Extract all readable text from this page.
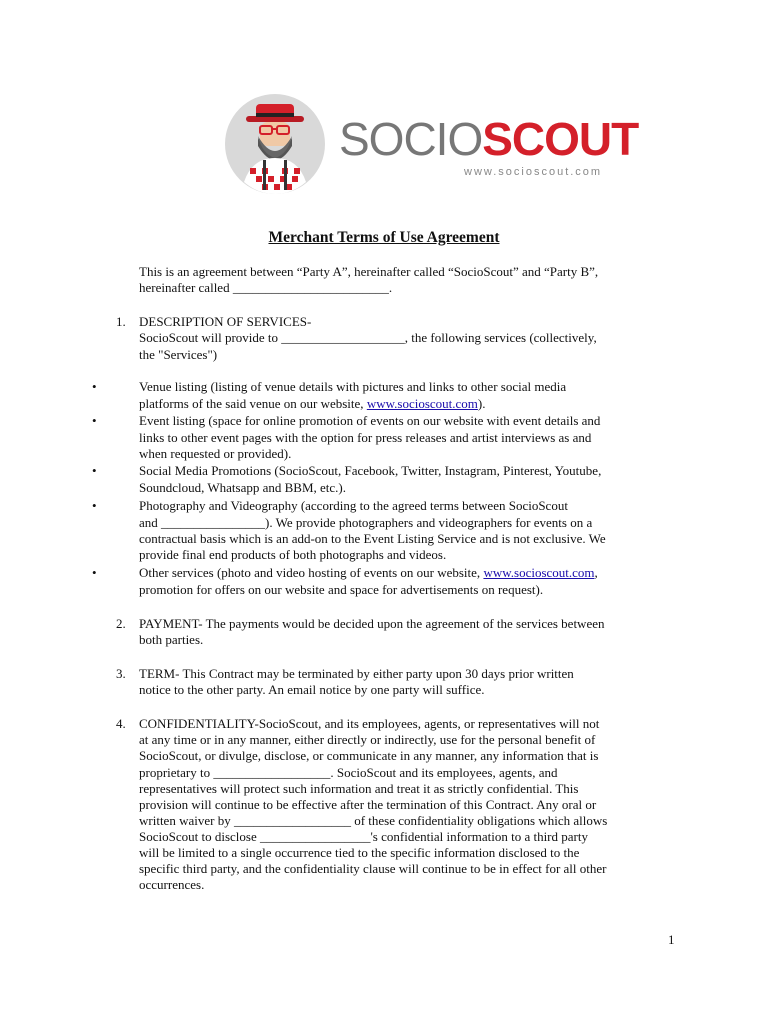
SOCIOSCOUT
www.socioscout.com
Merchant Terms of Use Agreement

This is an agreement between “Party A”, hereinafter called “SocioScout” and “Party B”,

hereinafter called ________________________.

1. DESCRIPTION OF SERVICES-

SocioScout will provide to ___________________, the following services (collectively,

the "Services")

•	Venue listing (listing of venue details with pictures and links to other social media

platforms of the said venue on our website, www.socioscout.com).

•	Event listing (space for online promotion of events on our website with event details and

links to other event pages with the option for press releases and artist interviews as and

when requested or provided).

•	Social Media Promotions (SocioScout, Facebook, Twitter, Instagram, Pinterest, Youtube,

Soundcloud, Whatsapp and BBM, etc.).

•	Photography and Videography (according to the agreed terms between SocioScout

and ________________). We provide photographers and videographers for events on a

contractual basis which is an add-on to the Event Listing Service and is not exclusive. We

provide final end products of both photographs and videos.

•	Other services (photo and video hosting of events on our website, www.socioscout.com,

promotion for offers on our website and space for advertisements on request).

2. PAYMENT- The payments would be decided upon the agreement of the services between

both parties.

3. TERM- This Contract may be terminated by either party upon 30 days prior written

notice to the other party. An email notice by one party will suffice.

4. CONFIDENTIALITY-SocioScout, and its employees, agents, or representatives will not

at any time or in any manner, either directly or indirectly, use for the personal benefit of

SocioScout, or divulge, disclose, or communicate in any manner, any information that is

proprietary to __________________. SocioScout and its employees, agents, and

representatives will protect such information and treat it as strictly confidential. This

provision will continue to be effective after the termination of this Contract. Any oral or

written waiver by __________________ of these confidentiality obligations which allows

SocioScout to disclose _________________'s confidential information to a third party

will be limited to a single occurrence tied to the specific information disclosed to the

specific third party, and the confidentiality clause will continue to be in effect for all other

occurrences.

1
